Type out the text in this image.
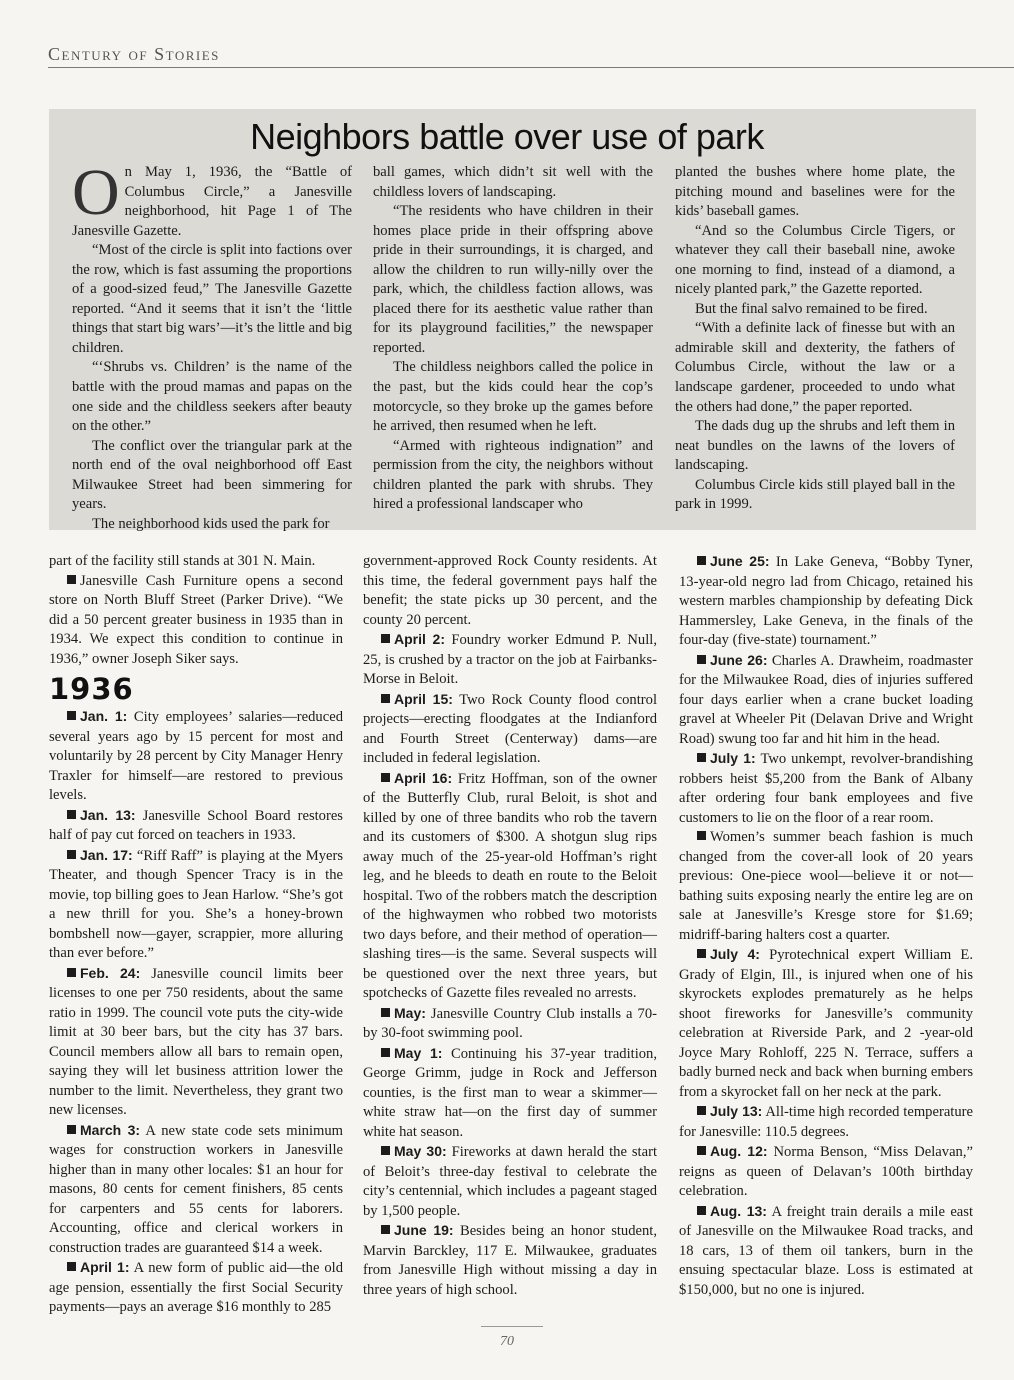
Century of Stories
Neighbors battle over use of park

On May 1, 1936, the “Battle of Columbus Circle,” a Janesville neighborhood, hit Page 1 of The Janesville Gazette.

“Most of the circle is split into factions over the row, which is fast assuming the proportions of a good-sized feud,” The Janesville Gazette reported. “And it seems that it isn’t the ‘little things that start big wars’—it’s the little and big children.

“‘Shrubs vs. Children’ is the name of the battle with the proud mamas and papas on the one side and the childless seekers after beauty on the other.”

The conflict over the triangular park at the north end of the oval neighborhood off East Milwaukee Street had been simmering for years.

The neighborhood kids used the park for

ball games, which didn’t sit well with the childless lovers of landscaping.

“The residents who have children in their homes place pride in their offspring above pride in their surroundings, it is charged, and allow the children to run willy-nilly over the park, which, the childless faction allows, was placed there for its aesthetic value rather than for its playground facilities,” the newspaper reported.

The childless neighbors called the police in the past, but the kids could hear the cop’s motorcycle, so they broke up the games before he arrived, then resumed when he left.

“Armed with righteous indignation” and permission from the city, the neighbors without children planted the park with shrubs. They hired a professional landscaper who

planted the bushes where home plate, the pitching mound and baselines were for the kids’ baseball games.

“And so the Columbus Circle Tigers, or whatever they call their baseball nine, awoke one morning to find, instead of a diamond, a nicely planted park,” the Gazette reported.

But the final salvo remained to be fired.

“With a definite lack of finesse but with an admirable skill and dexterity, the fathers of Columbus Circle, without the law or a landscape gardener, proceeded to undo what the others had done,” the paper reported.

The dads dug up the shrubs and left them in neat bundles on the lawns of the lovers of landscaping.

Columbus Circle kids still played ball in the park in 1999.

part of the facility still stands at 301 N. Main.

Janesville Cash Furniture opens a second store on North Bluff Street (Parker Drive). “We did a 50 percent greater business in 1935 than in 1934. We expect this condition to continue in 1936,” owner Joseph Siker says.

1936

Jan. 1: City employees’ salaries—reduced several years ago by 15 percent for most and voluntarily by 28 percent by City Manager Henry Traxler for himself—are restored to previous levels.

Jan. 13: Janesville School Board restores half of pay cut forced on teachers in 1933.

Jan. 17: “Riff Raff” is playing at the Myers Theater, and though Spencer Tracy is in the movie, top billing goes to Jean Harlow. “She’s got a new thrill for you. She’s a honey-brown bombshell now—gayer, scrappier, more alluring than ever before.”

Feb. 24: Janesville council limits beer licenses to one per 750 residents, about the same ratio in 1999. The council vote puts the city-wide limit at 30 beer bars, but the city has 37 bars. Council members allow all bars to remain open, saying they will let business attrition lower the number to the limit. Nevertheless, they grant two new licenses.

March 3: A new state code sets minimum wages for construction workers in Janesville higher than in many other locales: $1 an hour for masons, 80 cents for cement finishers, 85 cents for carpenters and 55 cents for laborers. Accounting, office and clerical workers in construction trades are guaranteed $14 a week.

April 1: A new form of public aid—the old age pension, essentially the first Social Security payments—pays an average $16 monthly to 285

government-approved Rock County residents. At this time, the federal government pays half the benefit; the state picks up 30 percent, and the county 20 percent.

April 2: Foundry worker Edmund P. Null, 25, is crushed by a tractor on the job at Fairbanks-Morse in Beloit.

April 15: Two Rock County flood control projects—erecting floodgates at the Indianford and Fourth Street (Centerway) dams—are included in federal legislation.

April 16: Fritz Hoffman, son of the owner of the Butterfly Club, rural Beloit, is shot and killed by one of three bandits who rob the tavern and its customers of $300. A shotgun slug rips away much of the 25-year-old Hoffman’s right leg, and he bleeds to death en route to the Beloit hospital. Two of the robbers match the description of the highwaymen who robbed two motorists two days before, and their method of operation—slashing tires—is the same. Several suspects will be questioned over the next three years, but spotchecks of Gazette files revealed no arrests.

May: Janesville Country Club installs a 70-by 30-foot swimming pool.

May 1: Continuing his 37-year tradition, George Grimm, judge in Rock and Jefferson counties, is the first man to wear a skimmer—white straw hat—on the first day of summer white hat season.

May 30: Fireworks at dawn herald the start of Beloit’s three-day festival to celebrate the city’s centennial, which includes a pageant staged by 1,500 people.

June 19: Besides being an honor student, Marvin Barckley, 117 E. Milwaukee, graduates from Janesville High without missing a day in three years of high school.

June 25: In Lake Geneva, “Bobby Tyner, 13-year-old negro lad from Chicago, retained his western marbles championship by defeating Dick Hammersley, Lake Geneva, in the finals of the four-day (five-state) tournament.”

June 26: Charles A. Drawheim, roadmaster for the Milwaukee Road, dies of injuries suffered four days earlier when a crane bucket loading gravel at Wheeler Pit (Delavan Drive and Wright Road) swung too far and hit him in the head.

July 1: Two unkempt, revolver-brandishing robbers heist $5,200 from the Bank of Albany after ordering four bank employees and five customers to lie on the floor of a rear room.

Women’s summer beach fashion is much changed from the cover-all look of 20 years previous: One-piece wool—believe it or not—bathing suits exposing nearly the entire leg are on sale at Janesville’s Kresge store for $1.69; midriff-baring halters cost a quarter.

July 4: Pyrotechnical expert William E. Grady of Elgin, Ill., is injured when one of his skyrockets explodes prematurely as he helps shoot fireworks for Janesville’s community celebration at Riverside Park, and 2 -year-old Joyce Mary Rohloff, 225 N. Terrace, suffers a badly burned neck and back when burning embers from a skyrocket fall on her neck at the park.

July 13: All-time high recorded temperature for Janesville: 110.5 degrees.

Aug. 12: Norma Benson, “Miss Delavan,” reigns as queen of Delavan’s 100th birthday celebration.

Aug. 13: A freight train derails a mile east of Janesville on the Milwaukee Road tracks, and 18 cars, 13 of them oil tankers, burn in the ensuing spectacular blaze. Loss is estimated at $150,000, but no one is injured.

70
